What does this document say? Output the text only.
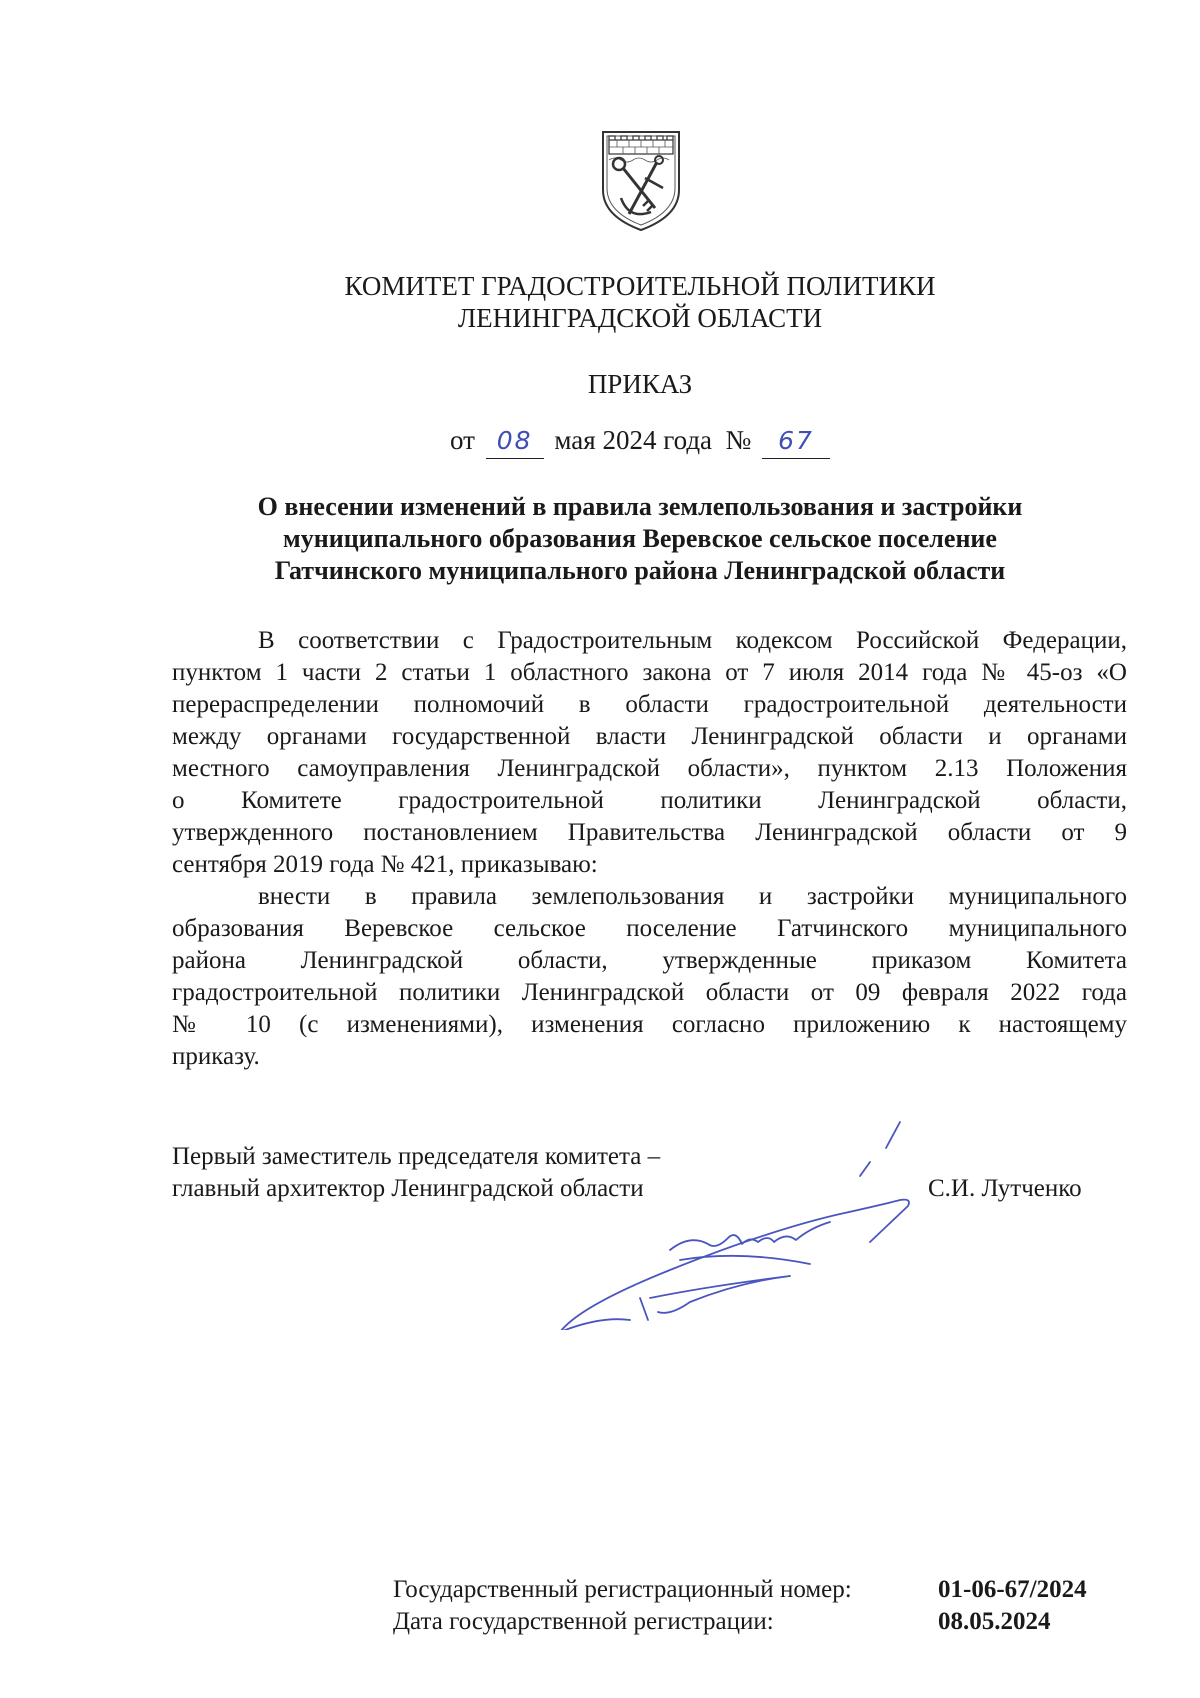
КОМИТЕТ ГРАДОСТРОИТЕЛЬНОЙ ПОЛИТИКИ
ЛЕНИНГРАДСКОЙ ОБЛАСТИ
ПРИКАЗ
от 08 мая 2024 года № 67
О внесении изменений в правила землепользования и застройки
муниципального образования Веревское сельское поселение
Гатчинского муниципального района Ленинградской области
В соответствии с Градостроительным кодексом Российской Федерации,
пунктом 1 части 2 статьи 1 областного закона от 7 июля 2014 года № 45-оз «О
перераспределении полномочий в области градостроительной деятельности
между органами государственной власти Ленинградской области и органами
местного самоуправления Ленинградской области», пунктом 2.13 Положения
о Комитете градостроительной политики Ленинградской области,
утвержденного постановлением Правительства Ленинградской области от 9
сентября 2019 года № 421, приказываю:
внести в правила землепользования и застройки муниципального
образования Веревское сельское поселение Гатчинского муниципального
района Ленинградской области, утвержденные приказом Комитета
градостроительной политики Ленинградской области от 09 февраля 2022 года
№ 10 (с изменениями), изменения согласно приложению к настоящему
приказу.
Первый заместитель председателя комитета –
главный архитектор Ленинградской области	С.И. Лутченко
Государственный регистрационный номер:	01-06-67/2024
Дата государственной регистрации:	08.05.2024
